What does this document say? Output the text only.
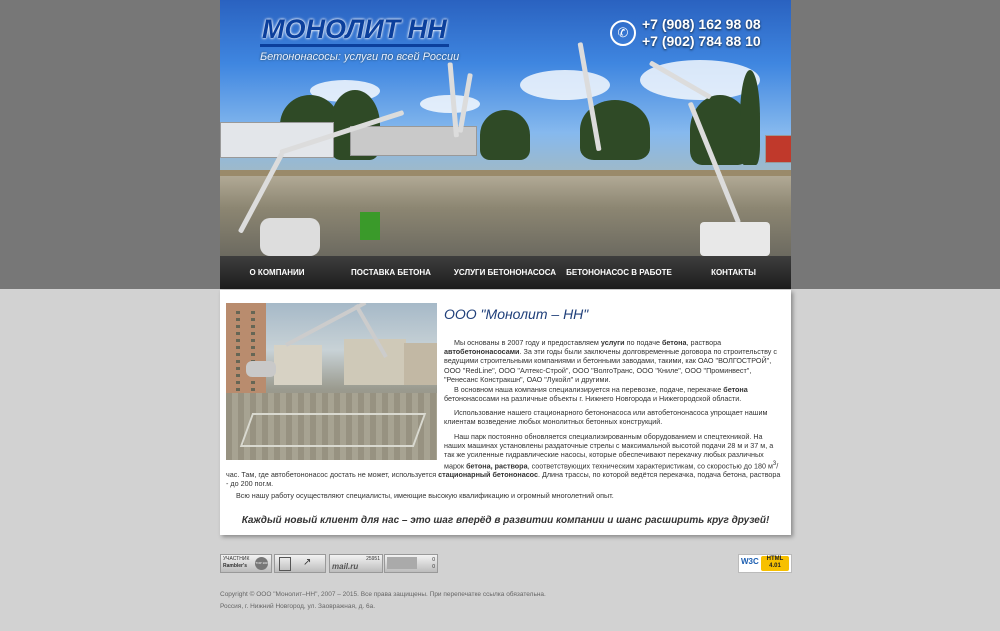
МОНОЛИТ НН
Бетононасосы: услуги по всей России
✆
+7 (908) 162 98 08
+7 (902) 784 88 10
О КОМПАНИИ	ПОСТАВКА БЕТОНА	УСЛУГИ БЕТОНОНАСОСА	БЕТОНОНАСОС В РАБОТЕ	КОНТАКТЫ
ООО "Монолит – НН"
Мы основаны в 2007 году и предоставляем услуги по подаче бетона, раствора автобетононасосами. За эти годы были заключены долговременные договора по строительству с ведущими строительными компаниями и бетонными заводами, такими, как ОАО "ВОЛГОСТРОЙ", ООО "RedLine", ООО "Алтекс-Строй", ООО "ВолгоТранс, ООО "Книле", ООО "Проминвест", "Ренесанс Констракшн", ОАО "Лукойл" и другими.
В основном наша компания специализируется на перевозке, подаче, перекачке бетона бетононасосами на различные объекты г. Нижнего Новгорода и Нижегородской области.
Использование нашего стационарного бетононасоса или автобетононасоса упрощает нашим клиентам возведение любых монолитных бетонных конструкций.
Наш парк постоянно обновляется специализированным оборудованием и спецтехникой. На наших машинах установлены раздаточные стрелы с максимальной высотой подачи 28 м и 37 м, а так же усиленные гидравлические насосы, которые обеспечивают перекачку любых различных марок бетона, раствора, соответствующих техническим характеристикам, со скоростью до 180 $м^3/$
час. Там, где автобетононасос достать не может, используется стационарный бетононасос. Длина трассы, по которой ведётся перекачка, подача бетона, раствора - до 200 пог.м.
Всю нашу работу осуществляют специалисты, имеющие высокую квалификацию и огромный многолетний опыт.
Каждый новый клиент для нас – это шаг вперёд в развитии компании и шанс расширить круг друзей!
УЧАСТНИК
Rambler's	TOP 100	↗	25951
mail.ru
0
0
W3C	HTML
4.01
Copyright © ООО "Монолит–НН", 2007 – 2015. Все права защищены. При перепечатке ссылка обязательна.
Россия, г. Нижний Новгород, ул. Заовражная, д. 6а.
